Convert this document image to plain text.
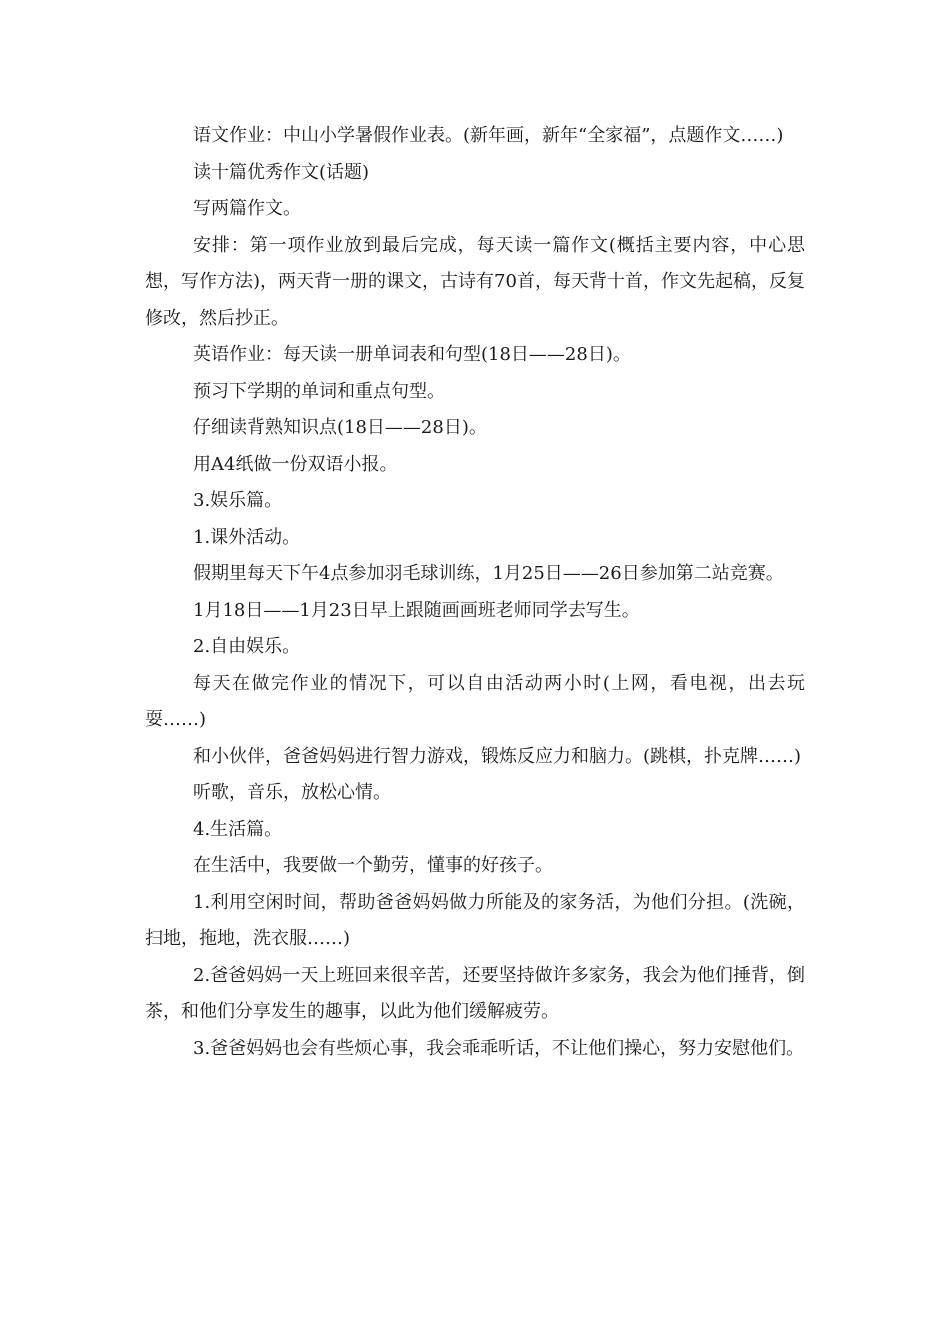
语文作业：中山小学暑假作业表。(新年画，新年“全家福”，点题作文……)

读十篇优秀作文(话题)

写两篇作文。

安排：第一项作业放到最后完成，每天读一篇作文(概括主要内容，中心思想，写作方法)，两天背一册的课文，古诗有70首，每天背十首，作文先起稿，反复修改，然后抄正。

英语作业：每天读一册单词表和句型(18日——28日)。

预习下学期的单词和重点句型。

仔细读背熟知识点(18日——28日)。

用A4纸做一份双语小报。

3.娱乐篇。

1.课外活动。

假期里每天下午4点参加羽毛球训练，1月25日——26日参加第二站竞赛。

1月18日——1月23日早上跟随画画班老师同学去写生。

2.自由娱乐。

每天在做完作业的情况下，可以自由活动两小时(上网，看电视，出去玩耍……)

和小伙伴，爸爸妈妈进行智力游戏，锻炼反应力和脑力。(跳棋，扑克牌……)

听歌，音乐，放松心情。

4.生活篇。

在生活中，我要做一个勤劳，懂事的好孩子。

1.利用空闲时间，帮助爸爸妈妈做力所能及的家务活，为他们分担。(洗碗，扫地，拖地，洗衣服……)

2.爸爸妈妈一天上班回来很辛苦，还要坚持做许多家务，我会为他们捶背，倒茶，和他们分享发生的趣事，以此为他们缓解疲劳。

3.爸爸妈妈也会有些烦心事，我会乖乖听话，不让他们操心，努力安慰他们。
